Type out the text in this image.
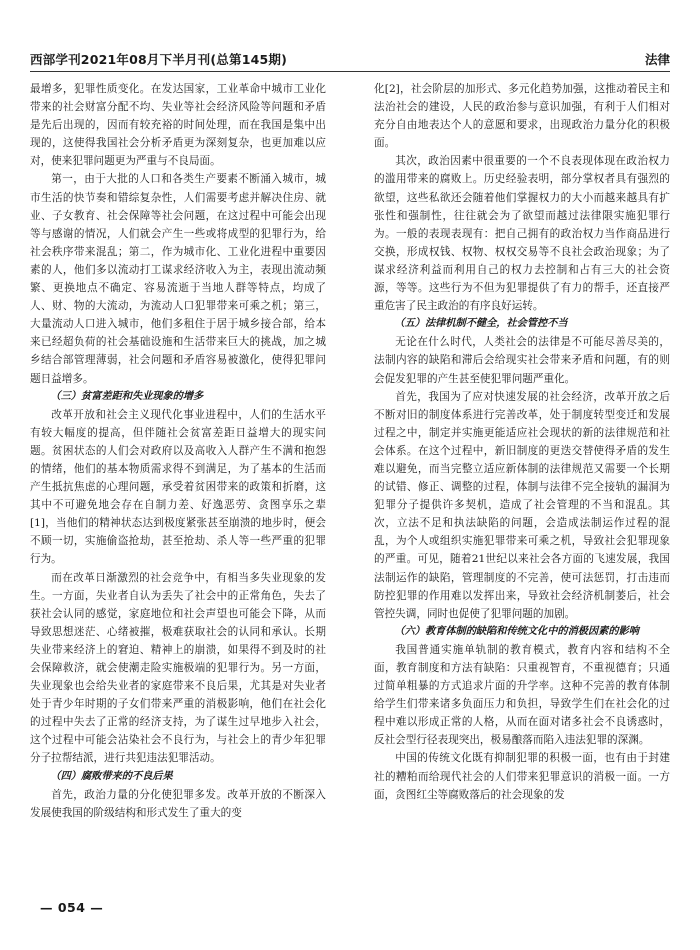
西部学刊2021年08月下半月刊(总第145期)	法律

最增多，犯罪性质变化。在发达国家，工业革命中城市工业化带来的社会财富分配不均、失业等社会经济风险等问题和矛盾是先后出现的，因而有较充裕的时间处理，而在我国是集中出现的，这使得我国社会分析矛盾更为深刻复杂，也更加难以应对，使来犯罪问题更为严重与不良局面。

第一，由于大批的人口和各类生产要素不断涌入城市，城市生活的快节奏和错综复杂性，人们需要考虑并解决住房、就业、子女教育、社会保障等社会问题，在这过程中可能会出现等与感谢的情况，人们就会产生一些或将成型的犯罪行为，给社会秩序带来混乱；第二，作为城市化、工业化进程中重要因素的人，他们多以流动打工谋求经济收入为主，表现出流动频繁、更换地点不确定、容易流逝于当地人群等特点，均成了人、财、物的大流动，为流动人口犯罪带来可乘之机；第三，大量流动人口进入城市，他们多租住于居于城乡接合部，给本来已经超负荷的社会基础设施和生活带来巨大的挑战，加之城乡结合部管理薄弱，社会问题和矛盾容易被激化，使得犯罪问题日益增多。

（三）贫富差距和失业现象的增多

改革开放和社会主义现代化事业进程中，人们的生活水平有较大幅度的提高，但伴随社会贫富差距日益增大的现实问题。贫困状态的人们会对政府以及高收入人群产生不满和抱怨的情绪，他们的基本物质需求得不到满足，为了基本的生活而产生抵抗焦虑的心理问题，承受着贫困带来的政策和折磨，这其中不可避免地会存在自制力差、好逸恶劳、贪图享乐之辈[1]，当他们的精神状态达到极度紧张甚至崩溃的地步时，便会不顾一切，实施偷盗抢劫，甚至抢劫、杀人等一些严重的犯罪行为。

而在改革日渐激烈的社会竞争中，有相当多失业现象的发生。一方面，失业者自认为丢失了社会中的正常角色，失去了获社会认同的感觉，家庭地位和社会声望也可能会下降，从而导致思想迷茫、心绪被摧，极难获取社会的认同和承认。长期失业带来经济上的窘迫、精神上的崩溃，如果得不到及时的社会保障救济，就会使潮走险实施极端的犯罪行为。另一方面，失业现象也会给失业者的家庭带来不良后果，尤其是对失业者处于青少年时期的子女们带来严重的消极影响，他们在社会化的过程中失去了正常的经济支持，为了谋生过早地步入社会，这个过程中可能会沾染社会不良行为，与社会上的青少年犯罪分子拉帮结派，进行共犯违法犯罪活动。

（四）腐败带来的不良后果

首先，政治力量的分化使犯罪多发。改革开放的不断深入发展使我国的阶级结构和形式发生了重大的变

化[2]，社会阶层的加形式、多元化趋势加强，这推动着民主和法治社会的建设，人民的政治参与意识加强，有利于人们相对充分自由地表达个人的意愿和要求，出现政治力量分化的积极面。

其次，政治因素中很重要的一个不良表现体现在政治权力的滥用带来的腐败上。历史经验表明，部分掌权者具有强烈的欲望，这些私欲还会随着他们掌握权力的大小而越来越具有扩张性和强制性，往往就会为了欲望而越过法律限实施犯罪行为。一般的表现表现有：把自己拥有的政治权力当作商品进行交换，形成权钱、权物、权权交易等不良社会政治现象；为了谋求经济利益而利用自己的权力去控制和占有三大的社会资源，等等。这些行为不但为犯罪提供了有力的帮手，还直接严重危害了民主政治的有序良好运转。

（五）法律机制不健全，社会管控不当

无论在什么时代，人类社会的法律是不可能尽善尽美的，法制内容的缺陷和滞后会给现实社会带来矛盾和问题，有的则会促发犯罪的产生甚至使犯罪问题严重化。

首先，我国为了应对快速发展的社会经济，改革开放之后不断对旧的制度体系进行完善改革，处于制度转型变迁和发展过程之中，制定并实施更能适应社会现状的新的法律规范和社会体系。在这个过程中，新旧制度的更迭交替使得矛盾的发生难以避免，而当完整立适应新体制的法律规范又需要一个长期的试错、修正、调整的过程，体制与法律不完全接轨的漏洞为犯罪分子提供许多契机，造成了社会管理的不当和混乱。其次，立法不足和执法缺陷的问题，会造成法制运作过程的混乱，为个人或组织实施犯罪带来可乘之机，导致社会犯罪现象的严重。可见，随着21世纪以来社会各方面的飞速发展，我国法制运作的缺陷，管理制度的不完善，使可法惩罚，打击违而防控犯罪的作用难以发挥出来，导致社会经济机制萎后，社会管控失调，同时也促使了犯罪问题的加剧。

（六）教育体制的缺陷和传统文化中的消极因素的影响

我国普通实施单轨制的教育模式，教育内容和结构不全面，教育制度和方法有缺陷：只重视智育，不重视德育；只通过简单粗暴的方式追求片面的升学率。这种不完善的教育体制给学生们带来诸多负面压力和负担，导致学生们在社会化的过程中难以形成正常的人格，从而在面对诸多社会不良诱惑时，反社会型行径表现突出，极易酿落而陷入违法犯罪的深渊。

中国的传统文化既有抑制犯罪的积极一面，也有由于封建社的糟粕而给现代社会的人们带来犯罪意识的消极一面。一方面，贪图红尘等腐败落后的社会现象的发

— 054 —
